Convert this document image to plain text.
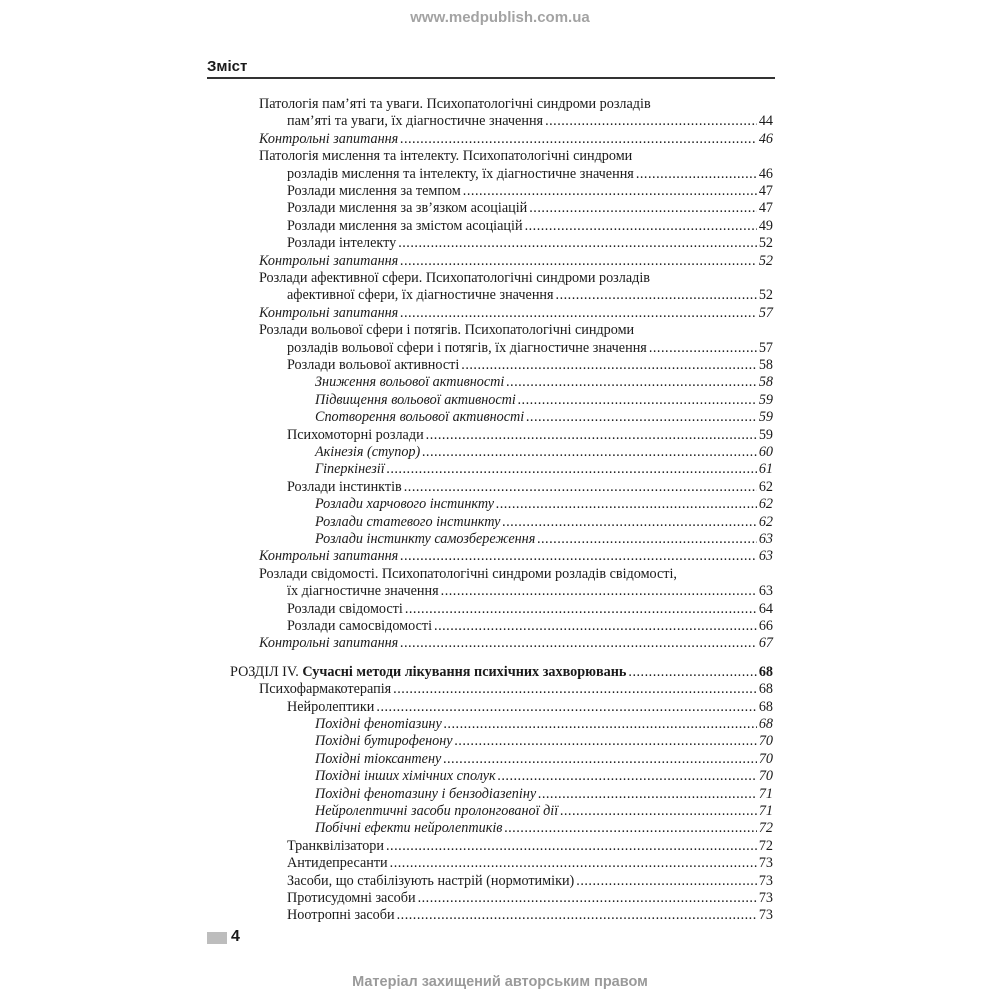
www.medpublish.com.ua
Зміст
Патологія пам’яті та уваги. Психопатологічні синдроми розладів
пам’яті та уваги, їх діагностичне значення .....	44
Контрольні запитання .....	46
Патологія мислення та інтелекту. Психопатологічні синдроми
розладів мислення та інтелекту, їх діагностичне значення .....	46
Розлади мислення за темпом .....	47
Розлади мислення за зв’язком асоціацій .....	47
Розлади мислення за змістом асоціацій .....	49
Розлади інтелекту .....	52
Контрольні запитання .....	52
Розлади афективної сфери. Психопатологічні синдроми розладів
афективної сфери, їх діагностичне значення .....	52
Контрольні запитання .....	57
Розлади вольової сфери і потягів. Психопатологічні синдроми
розладів вольової сфери і потягів, їх діагностичне значення .....	57
Розлади вольової активності .....	58
Зниження вольової активності .....	58
Підвищення вольової активності .....	59
Спотворення вольової активності .....	59
Психомоторні розлади .....	59
Акінезія (ступор) .....	60
Гіперкінезії .....	61
Розлади інстинктів .....	62
Розлади харчового інстинкту .....	62
Розлади статевого інстинкту .....	62
Розлади інстинкту самозбереження .....	63
Контрольні запитання .....	63
Розлади свідомості. Психопатологічні синдроми розладів свідомості,
їх діагностичне значення .....	63
Розлади свідомості .....	64
Розлади самосвідомості .....	66
Контрольні запитання .....	67
РОЗДІЛ IV. Сучасні методи лікування психічних захворювань .....	68
Психофармакотерапія .....	68
Нейролептики .....	68
Похідні фенотіазину .....	68
Похідні бутирофенону .....	70
Похідні тіоксантену .....	70
Похідні інших хімічних сполук .....	70
Похідні фенотазину і бензодіазепіну .....	71
Нейролептичні засоби пролонгованої дії .....	71
Побічні ефекти нейролептиків .....	72
Транквілізатори .....	72
Антидепресанти .....	73
Засоби, що стабілізують настрій (нормотиміки) .....	73
Протисудомні засоби .....	73
Ноотропні засоби .....	73
4
Матеріал захищений авторським правом
